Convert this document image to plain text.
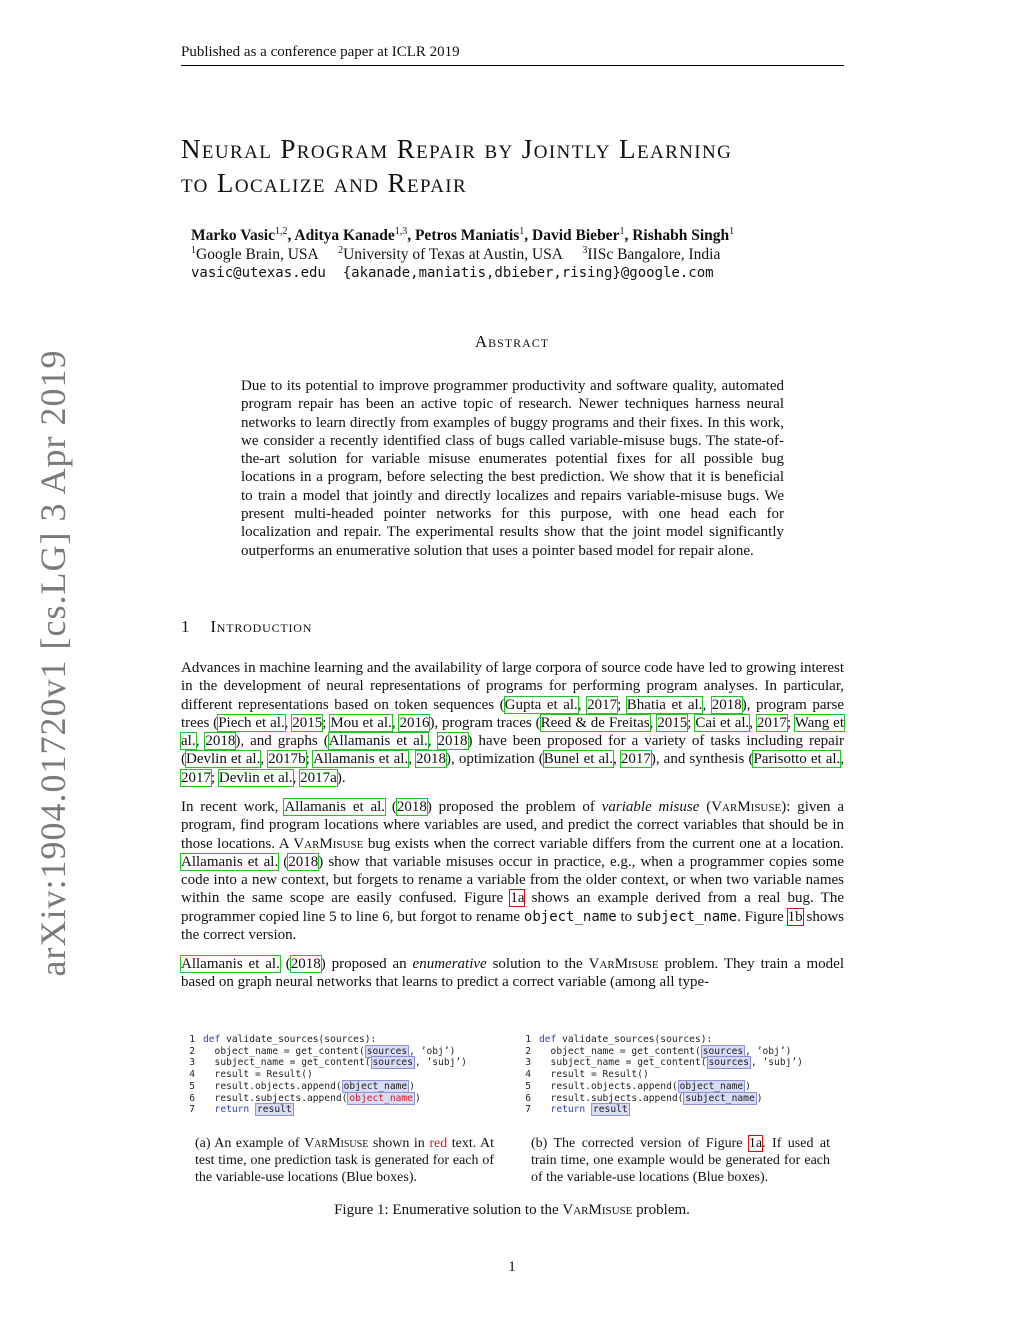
Published as a conference paper at ICLR 2019
arXiv:1904.01720v1 [cs.LG] 3 Apr 2019
Neural Program Repair by Jointly Learning
to Localize and Repair
Marko Vasic$^{1,2}$, Aditya Kanade$^{1,3}$, Petros Maniatis$^1$, David Bieber$^1$, Rishabh Singh$^1$
$^1$Google Brain, USA $^2$University of Texas at Austin, USA $^3$IISc Bangalore, India
vasic@utexas.edu  {akanade,maniatis,dbieber,rising}@google.com
Abstract
Due to its potential to improve programmer productivity and software quality, automated program repair has been an active topic of research. Newer techniques harness neural networks to learn directly from examples of buggy programs and their fixes. In this work, we consider a recently identified class of bugs called variable-misuse bugs. The state-of-the-art solution for variable misuse enumerates potential fixes for all possible bug locations in a program, before selecting the best prediction. We show that it is beneficial to train a model that jointly and directly localizes and repairs variable-misuse bugs. We present multi-headed pointer networks for this purpose, with one head each for localization and repair. The experimental results show that the joint model significantly outperforms an enumerative solution that uses a pointer based model for repair alone.
1 Introduction
Advances in machine learning and the availability of large corpora of source code have led to growing interest in the development of neural representations of programs for performing program analyses. In particular, different representations based on token sequences (Gupta et al., 2017; Bhatia et al., 2018), program parse trees (Piech et al., 2015; Mou et al., 2016), program traces (Reed & de Freitas, 2015; Cai et al., 2017; Wang et al., 2018), and graphs (Allamanis et al., 2018) have been proposed for a variety of tasks including repair (Devlin et al., 2017b; Allamanis et al., 2018), optimization (Bunel et al., 2017), and synthesis (Parisotto et al., 2017; Devlin et al., 2017a).
In recent work, Allamanis et al. (2018) proposed the problem of variable misuse (VarMisuse): given a program, find program locations where variables are used, and predict the correct variables that should be in those locations. A VarMisuse bug exists when the correct variable differs from the current one at a location. Allamanis et al. (2018) show that variable misuses occur in practice, e.g., when a programmer copies some code into a new context, but forgets to rename a variable from the older context, or when two variable names within the same scope are easily confused. Figure 1a shows an example derived from a real bug. The programmer copied line 5 to line 6, but forgot to rename object_name to subject_name. Figure 1b shows the correct version.
Allamanis et al. (2018) proposed an enumerative solution to the VarMisuse problem. They train a model based on graph neural networks that learns to predict a correct variable (among all type-
1 def validate_sources(sources):
2  object_name = get_content( sources , ’obj’)
3  subject_name = get_content( sources , ’subj’)
4  result = Result()
5  result.objects.append( object_name )
6  result.subjects.append( object_name )
7  return result
1 def validate_sources(sources):
2  object_name = get_content( sources , ’obj’)
3  subject_name = get_content( sources , ’subj’)
4  result = Result()
5  result.objects.append( object_name )
6  result.subjects.append( subject_name )
7  return result
(a) An example of VarMisuse shown in red text. At test time, one prediction task is generated for each of the variable-use locations (Blue boxes).
(b) The corrected version of Figure 1a. If used at train time, one example would be generated for each of the variable-use locations (Blue boxes).
Figure 1: Enumerative solution to the VarMisuse problem.
1
